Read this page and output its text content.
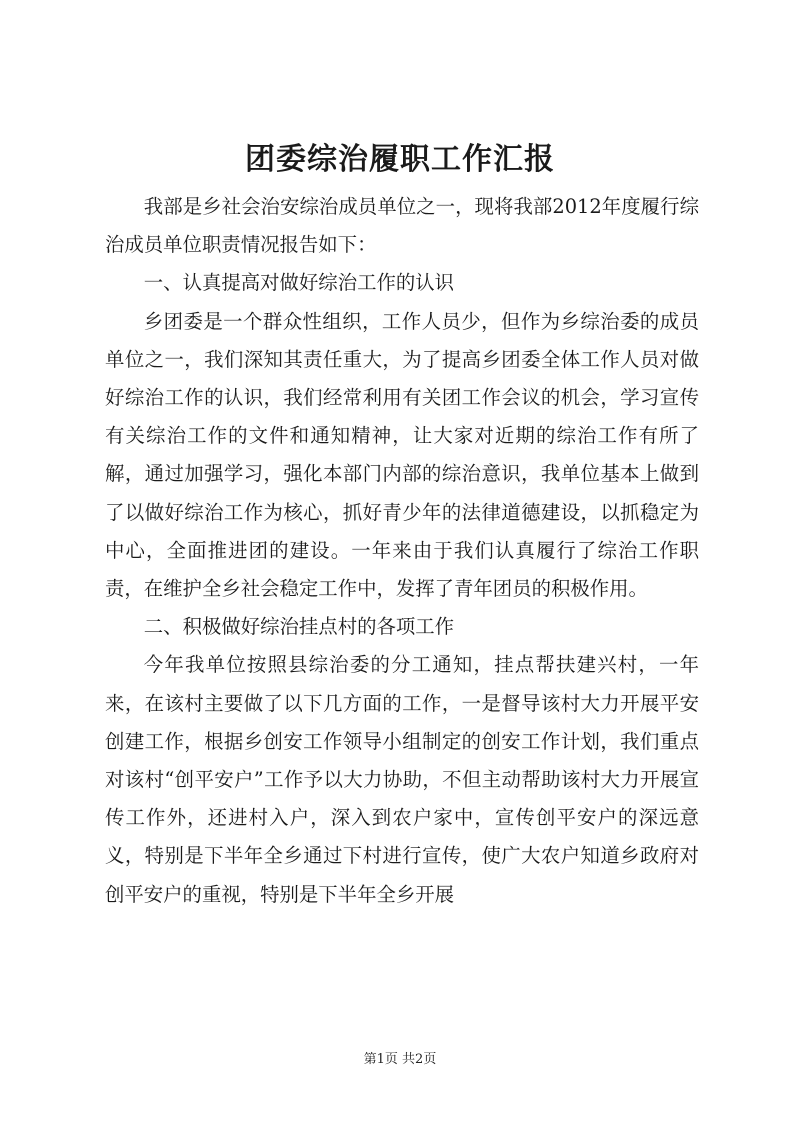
团委综治履职工作汇报

我部是乡社会治安综治成员单位之一，现将我部2012年度履行综治成员单位职责情况报告如下：

一、认真提高对做好综治工作的认识

乡团委是一个群众性组织，工作人员少，但作为乡综治委的成员单位之一，我们深知其责任重大，为了提高乡团委全体工作人员对做好综治工作的认识，我们经常利用有关团工作会议的机会，学习宣传有关综治工作的文件和通知精神，让大家对近期的综治工作有所了解，通过加强学习，强化本部门内部的综治意识，我单位基本上做到了以做好综治工作为核心，抓好青少年的法律道德建设，以抓稳定为中心，全面推进团的建设。一年来由于我们认真履行了综治工作职责，在维护全乡社会稳定工作中，发挥了青年团员的积极作用。

二、积极做好综治挂点村的各项工作

今年我单位按照县综治委的分工通知，挂点帮扶建兴村，一年来，在该村主要做了以下几方面的工作，一是督导该村大力开展平安创建工作，根据乡创安工作领导小组制定的创安工作计划，我们重点对该村“创平安户”工作予以大力协助，不但主动帮助该村大力开展宣传工作外，还进村入户，深入到农户家中，宣传创平安户的深远意义，特别是下半年全乡通过下村进行宣传，使广大农户知道乡政府对创平安户的重视，特别是下半年全乡开展

第1页 共2页
